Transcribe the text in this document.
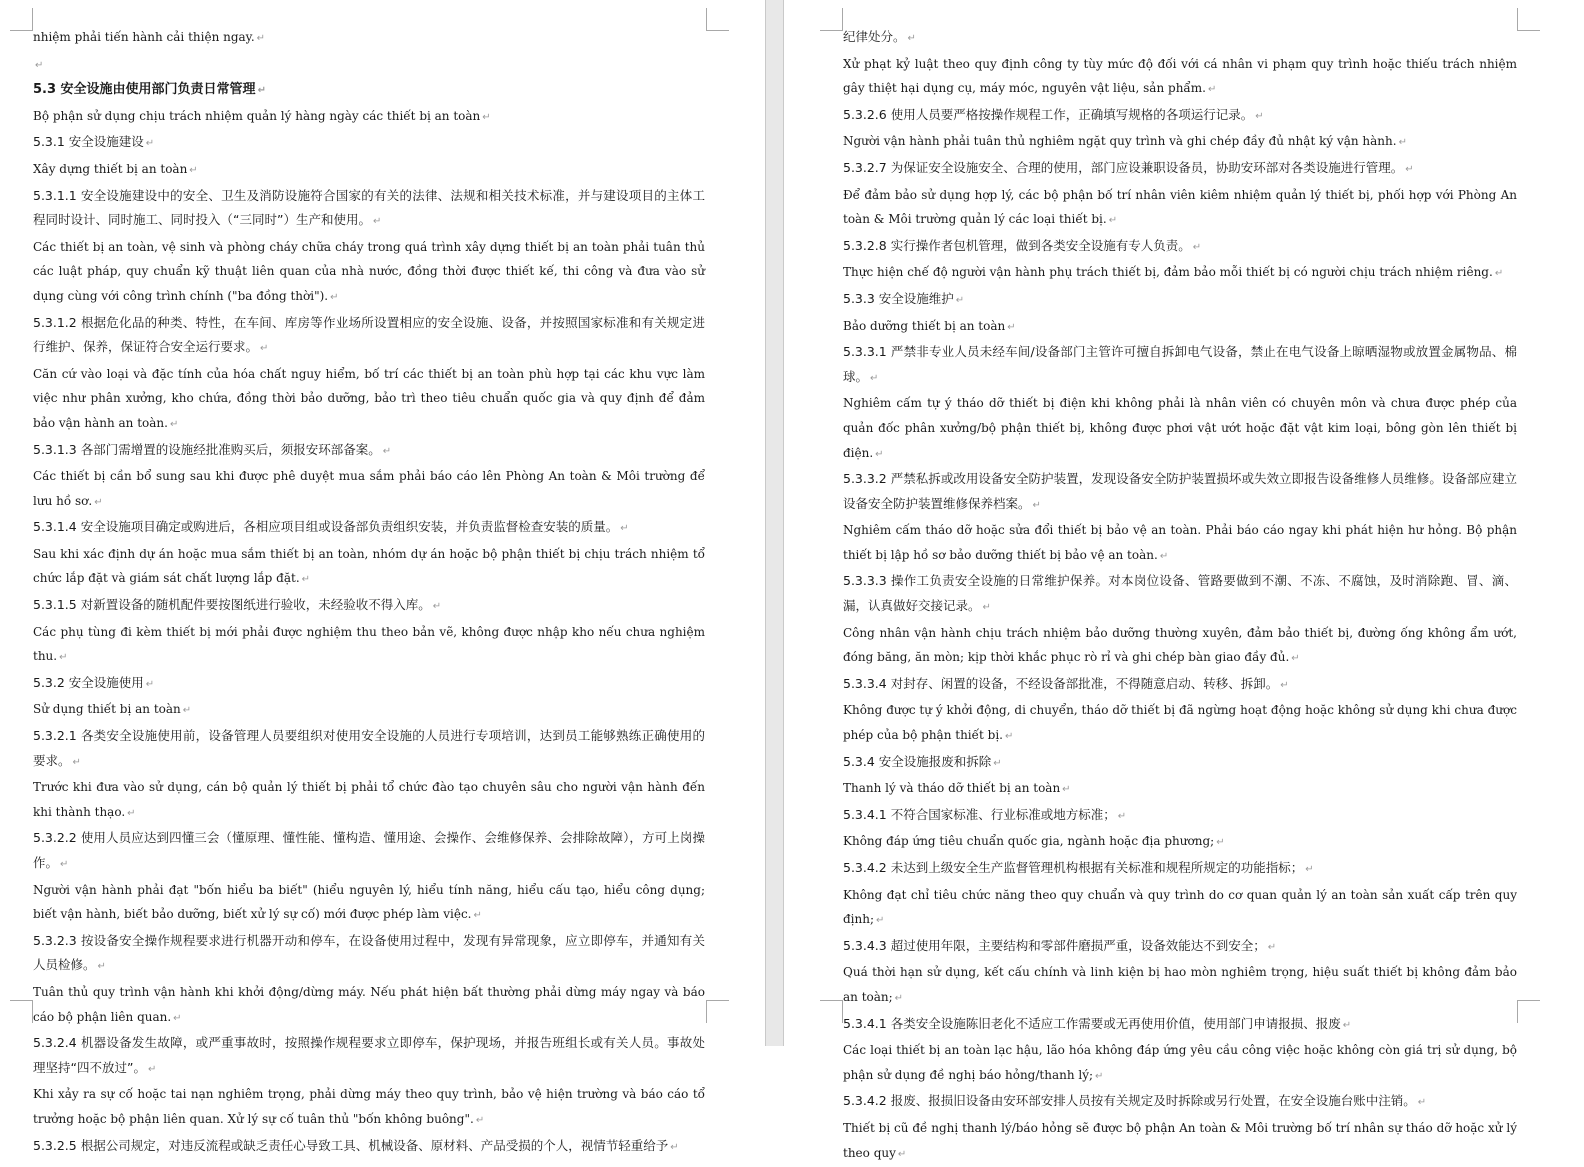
nhiệm phải tiến hành cải thiện ngay. ↵

↵

5.3 安全设施由使用部门负责日常管理 ↵

Bộ phận sử dụng chịu trách nhiệm quản lý hàng ngày các thiết bị an toàn ↵

5.3.1 安全设施建设 ↵

Xây dựng thiết bị an toàn ↵

5.3.1.1 安全设施建设中的安全、卫生及消防设施符合国家的有关的法律、法规和相关技术标准，并与建设项目的主体工程同时设计、同时施工、同时投入（“三同时”）生产和使用。 ↵

Các thiết bị an toàn, vệ sinh và phòng cháy chữa cháy trong quá trình xây dựng thiết bị an toàn phải tuân thủ các luật pháp, quy chuẩn kỹ thuật liên quan của nhà nước, đồng thời được thiết kế, thi công và đưa vào sử dụng cùng với công trình chính ("ba đồng thời"). ↵

5.3.1.2 根据危化品的种类、特性，在车间、库房等作业场所设置相应的安全设施、设备，并按照国家标准和有关规定进行维护、保养，保证符合安全运行要求。 ↵

Căn cứ vào loại và đặc tính của hóa chất nguy hiểm, bố trí các thiết bị an toàn phù hợp tại các khu vực làm việc như phân xưởng, kho chứa, đồng thời bảo dưỡng, bảo trì theo tiêu chuẩn quốc gia và quy định để đảm bảo vận hành an toàn. ↵

5.3.1.3 各部门需增置的设施经批准购买后，须报安环部备案。 ↵

Các thiết bị cần bổ sung sau khi được phê duyệt mua sắm phải báo cáo lên Phòng An toàn & Môi trường để lưu hồ sơ. ↵

5.3.1.4 安全设施项目确定或购进后，各相应项目组或设备部负责组织安装，并负责监督检查安装的质量。 ↵

Sau khi xác định dự án hoặc mua sắm thiết bị an toàn, nhóm dự án hoặc bộ phận thiết bị chịu trách nhiệm tổ chức lắp đặt và giám sát chất lượng lắp đặt. ↵

5.3.1.5 对新置设备的随机配件要按图纸进行验收，未经验收不得入库。 ↵

Các phụ tùng đi kèm thiết bị mới phải được nghiệm thu theo bản vẽ, không được nhập kho nếu chưa nghiệm thu. ↵

5.3.2 安全设施使用 ↵

Sử dụng thiết bị an toàn ↵

5.3.2.1 各类安全设施使用前，设备管理人员要组织对使用安全设施的人员进行专项培训，达到员工能够熟练正确使用的要求。 ↵

Trước khi đưa vào sử dụng, cán bộ quản lý thiết bị phải tổ chức đào tạo chuyên sâu cho người vận hành đến khi thành thạo. ↵

5.3.2.2 使用人员应达到四懂三会（懂原理、懂性能、懂构造、懂用途、会操作、会维修保养、会排除故障），方可上岗操作。 ↵

Người vận hành phải đạt "bốn hiểu ba biết" (hiểu nguyên lý, hiểu tính năng, hiểu cấu tạo, hiểu công dụng; biết vận hành, biết bảo dưỡng, biết xử lý sự cố) mới được phép làm việc. ↵

5.3.2.3 按设备安全操作规程要求进行机器开动和停车，在设备使用过程中，发现有异常现象，应立即停车，并通知有关人员检修。 ↵

Tuân thủ quy trình vận hành khi khởi động/dừng máy. Nếu phát hiện bất thường phải dừng máy ngay và báo cáo bộ phận liên quan. ↵

5.3.2.4 机器设备发生故障，或严重事故时，按照操作规程要求立即停车，保护现场，并报告班组长或有关人员。事故处理坚持“四不放过”。 ↵

Khi xảy ra sự cố hoặc tai nạn nghiêm trọng, phải dừng máy theo quy trình, bảo vệ hiện trường và báo cáo tổ trưởng hoặc bộ phận liên quan. Xử lý sự cố tuân thủ "bốn không buông". ↵

5.3.2.5 根据公司规定，对违反流程或缺乏责任心导致工具、机械设备、原材料、产品受损的个人，视情节轻重给予 ↵

纪律处分。 ↵

Xử phạt kỷ luật theo quy định công ty tùy mức độ đối với cá nhân vi phạm quy trình hoặc thiếu trách nhiệm gây thiệt hại dụng cụ, máy móc, nguyên vật liệu, sản phẩm. ↵

5.3.2.6 使用人员要严格按操作规程工作，正确填写规格的各项运行记录。 ↵

Người vận hành phải tuân thủ nghiêm ngặt quy trình và ghi chép đầy đủ nhật ký vận hành. ↵

5.3.2.7 为保证安全设施安全、合理的使用，部门应设兼职设备员，协助安环部对各类设施进行管理。 ↵

Để đảm bảo sử dụng hợp lý, các bộ phận bố trí nhân viên kiêm nhiệm quản lý thiết bị, phối hợp với Phòng An toàn & Môi trường quản lý các loại thiết bị. ↵

5.3.2.8 实行操作者包机管理，做到各类安全设施有专人负责。 ↵

Thực hiện chế độ người vận hành phụ trách thiết bị, đảm bảo mỗi thiết bị có người chịu trách nhiệm riêng. ↵

5.3.3 安全设施维护 ↵

Bảo dưỡng thiết bị an toàn ↵

5.3.3.1 严禁非专业人员未经车间/设备部门主管许可擅自拆卸电气设备，禁止在电气设备上晾晒湿物或放置金属物品、棉球。 ↵

Nghiêm cấm tự ý tháo dỡ thiết bị điện khi không phải là nhân viên có chuyên môn và chưa được phép của quản đốc phân xưởng/bộ phận thiết bị, không được phơi vật ướt hoặc đặt vật kim loại, bông gòn lên thiết bị điện. ↵

5.3.3.2 严禁私拆或改用设备安全防护装置，发现设备安全防护装置损坏或失效立即报告设备维修人员维修。设备部应建立设备安全防护装置维修保养档案。 ↵

Nghiêm cấm tháo dỡ hoặc sửa đổi thiết bị bảo vệ an toàn. Phải báo cáo ngay khi phát hiện hư hỏng. Bộ phận thiết bị lập hồ sơ bảo dưỡng thiết bị bảo vệ an toàn. ↵

5.3.3.3 操作工负责安全设施的日常维护保养。对本岗位设备、管路要做到不潮、不冻、不腐蚀，及时消除跑、冒、滴、漏，认真做好交接记录。 ↵

Công nhân vận hành chịu trách nhiệm bảo dưỡng thường xuyên, đảm bảo thiết bị, đường ống không ẩm ướt, đóng băng, ăn mòn; kịp thời khắc phục rò rỉ và ghi chép bàn giao đầy đủ. ↵

5.3.3.4 对封存、闲置的设备，不经设备部批准，不得随意启动、转移、拆卸。 ↵

Không được tự ý khởi động, di chuyển, tháo dỡ thiết bị đã ngừng hoạt động hoặc không sử dụng khi chưa được phép của bộ phận thiết bị. ↵

5.3.4 安全设施报废和拆除 ↵

Thanh lý và tháo dỡ thiết bị an toàn ↵

5.3.4.1 不符合国家标准、行业标准或地方标准； ↵

Không đáp ứng tiêu chuẩn quốc gia, ngành hoặc địa phương; ↵

5.3.4.2 未达到上级安全生产监督管理机构根据有关标准和规程所规定的功能指标； ↵

Không đạt chỉ tiêu chức năng theo quy chuẩn và quy trình do cơ quan quản lý an toàn sản xuất cấp trên quy định; ↵

5.3.4.3 超过使用年限，主要结构和零部件磨损严重，设备效能达不到安全； ↵

Quá thời hạn sử dụng, kết cấu chính và linh kiện bị hao mòn nghiêm trọng, hiệu suất thiết bị không đảm bảo an toàn; ↵

5.3.4.1 各类安全设施陈旧老化不适应工作需要或无再使用价值，使用部门申请报损、报废 ↵

Các loại thiết bị an toàn lạc hậu, lão hóa không đáp ứng yêu cầu công việc hoặc không còn giá trị sử dụng, bộ phận sử dụng đề nghị báo hỏng/thanh lý; ↵

5.3.4.2 报废、报损旧设备由安环部安排人员按有关规定及时拆除或另行处置，在安全设施台账中注销。 ↵

Thiết bị cũ đề nghị thanh lý/báo hỏng sẽ được bộ phận An toàn & Môi trường bố trí nhân sự tháo dỡ hoặc xử lý theo quy ↵
